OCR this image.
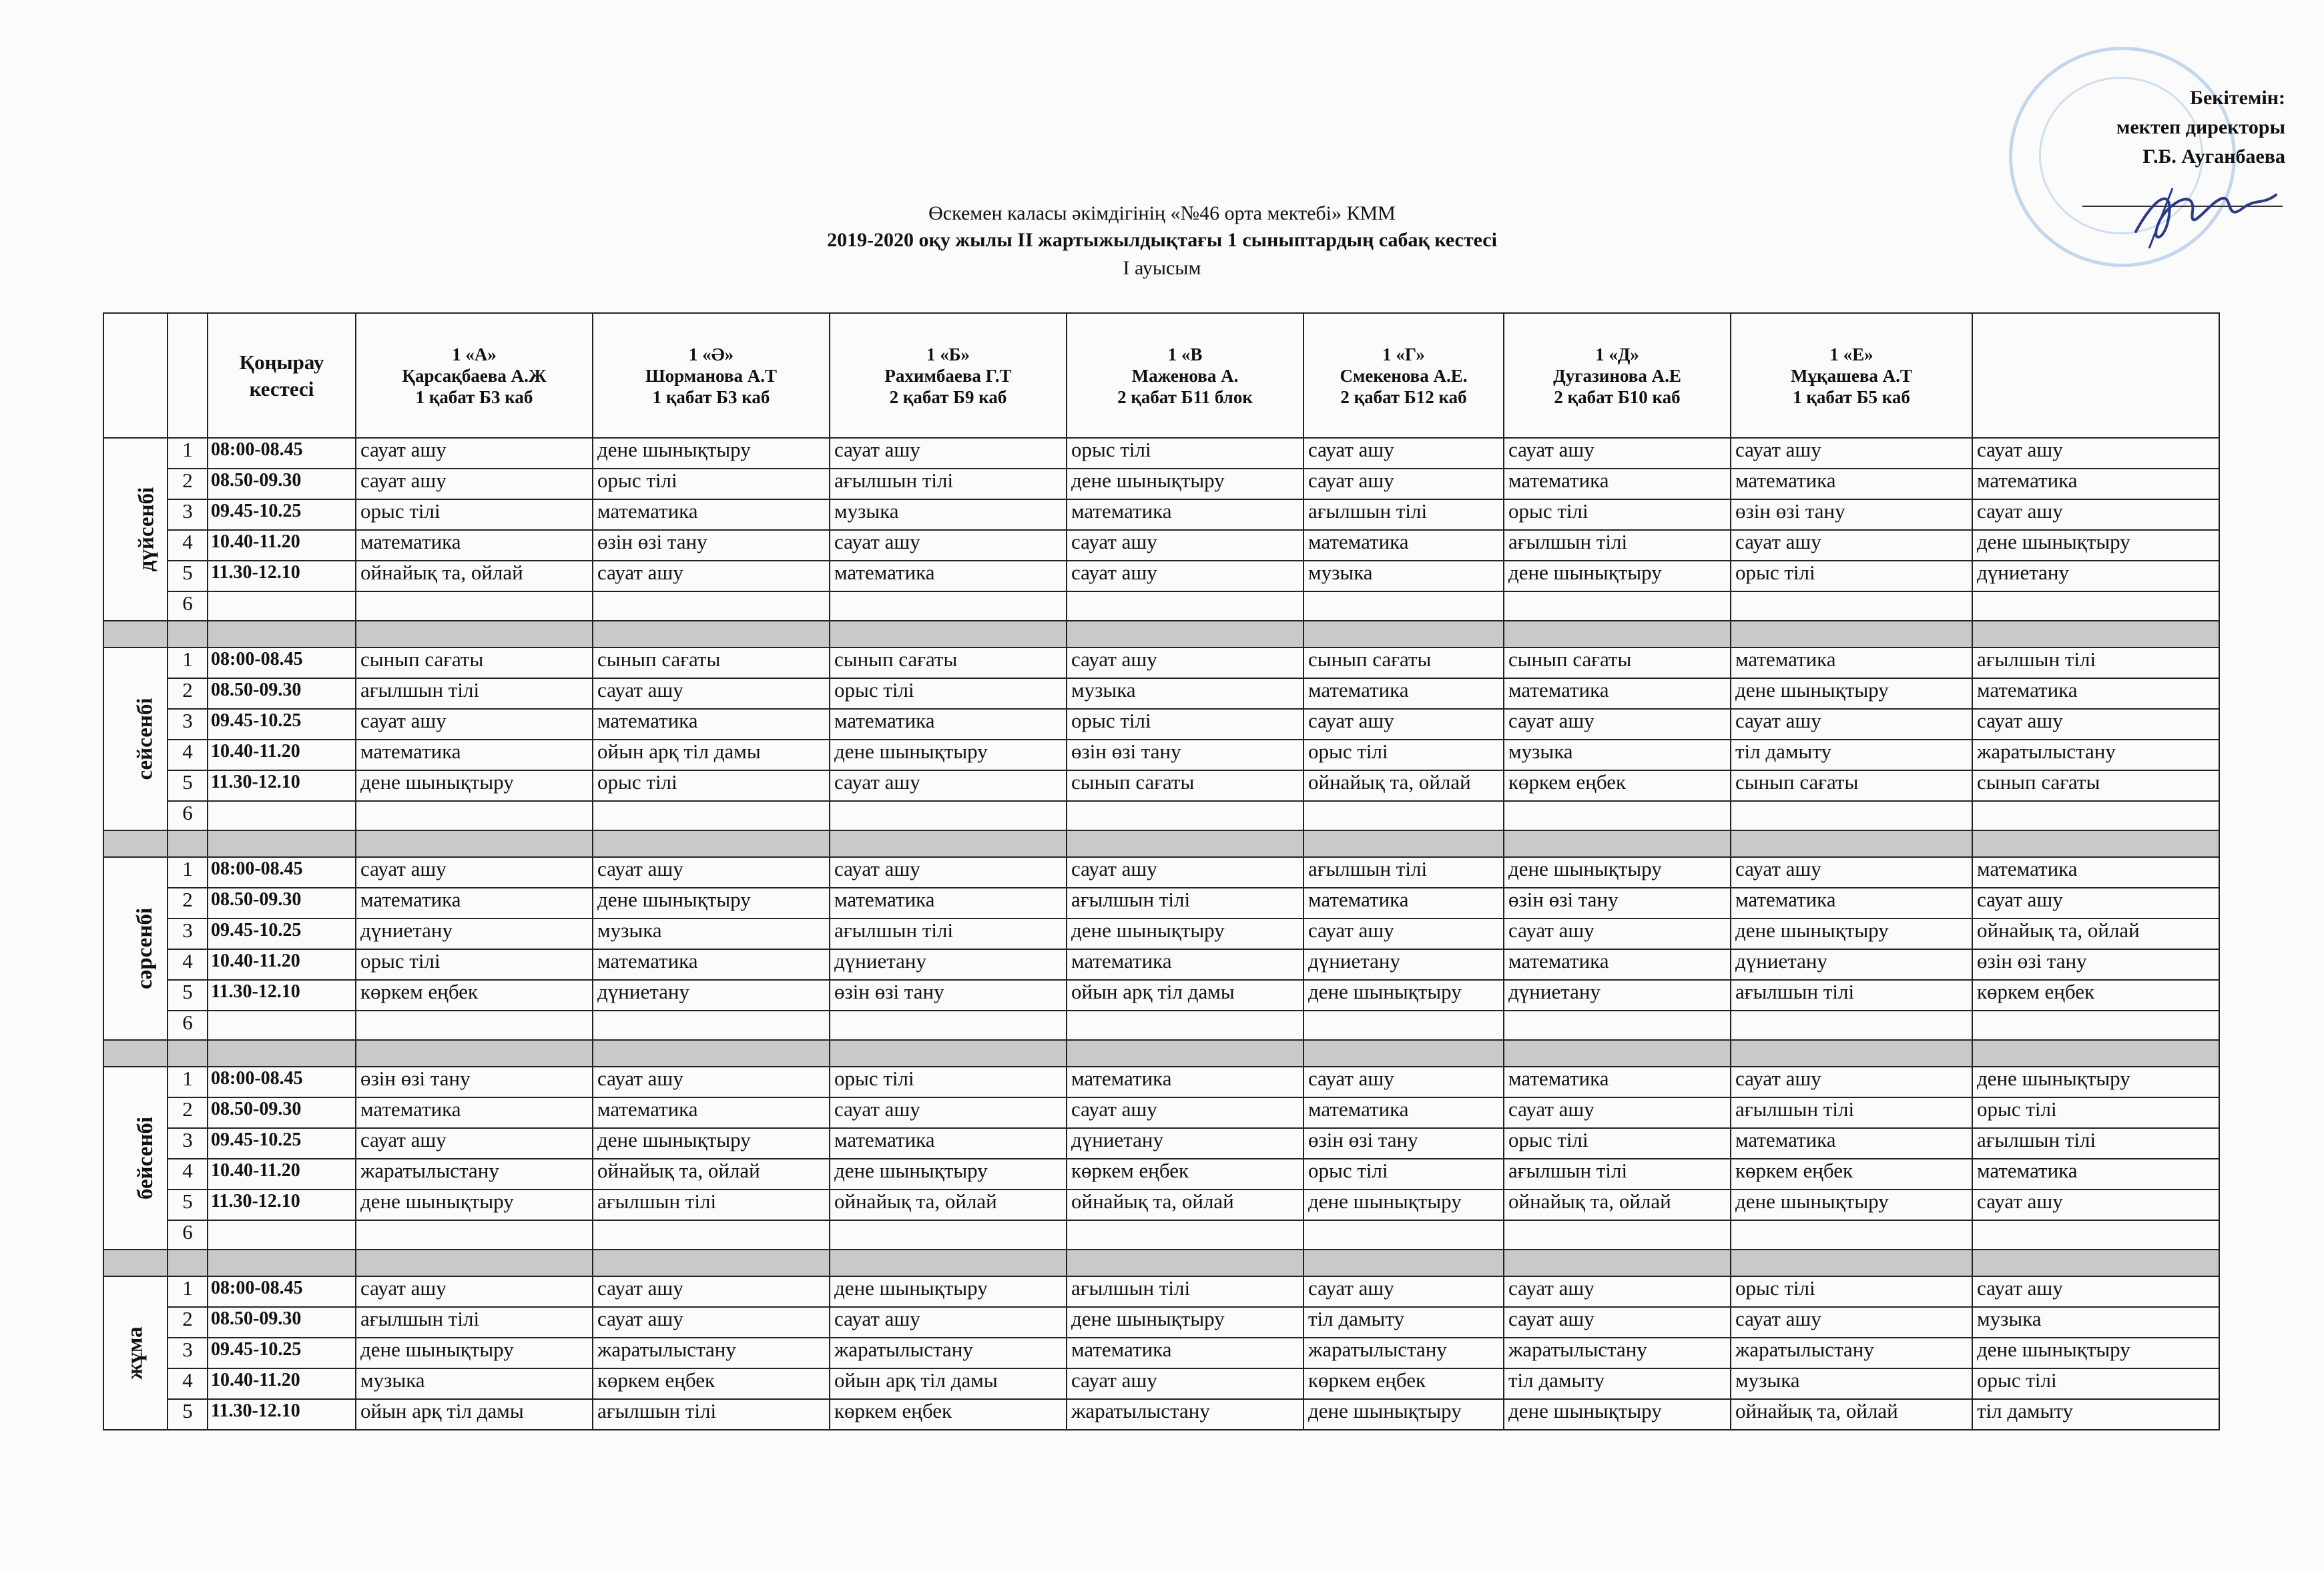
Бекітемін:
мектеп директоры
Г.Б. Ауганбаева
Өскемен каласы әкімдігінің «№46 орта мектебі» КММ
2019-2020 оқу жылы ІІ жартыжылдықтағы 1 сыныптардың сабақ кестесі
І ауысым
		Қоңырау кестесі	1 «А»
Қарсақбаева А.Ж
1 қабат Б3 каб	1 «Ә»
Шорманова А.Т
1 қабат Б3 каб	1 «Б»
Рахимбаева Г.Т
2 қабат Б9 каб	1 «В
Маженова А.
2 қабат Б11 блок	1 «Г»
Смекенова А.Е.
2 қабат Б12 каб	1 «Д»
Дугазинова А.Е
2 қабат Б10 каб	1 «Е»
Мұқашева А.Т
1 қабат Б5 каб	
дүйсенбі	1	08:00-08.45	сауат ашу	дене шынықтыру	сауат ашу	орыс тілі	сауат ашу	сауат ашу	сауат ашу	сауат ашу
	2	08.50-09.30	сауат ашу	орыс тілі	ағылшын тілі	дене шынықтыру	сауат ашу	математика	математика	математика
	3	09.45-10.25	орыс тілі	математика	музыка	математика	ағылшын тілі	орыс тілі	өзін өзі тану	сауат ашу
	4	10.40-11.20	математика	өзін өзі тану	сауат ашу	сауат ашу	математика	ағылшын тілі	сауат ашу	дене шынықтыру
	5	11.30-12.10	ойнайық та, ойлай	сауат ашу	математика	сауат ашу	музыка	дене шынықтыру	орыс тілі	дүниетану
	6									

сейсенбі	1	08:00-08.45	сынып сағаты	сынып сағаты	сынып сағаты	сауат ашу	сынып сағаты	сынып сағаты	математика	ағылшын тілі
	2	08.50-09.30	ағылшын тілі	сауат ашу	орыс тілі	музыка	математика	математика	дене шынықтыру	математика
	3	09.45-10.25	сауат ашу	математика	математика	орыс тілі	сауат ашу	сауат ашу	сауат ашу	сауат ашу
	4	10.40-11.20	математика	ойын арқ тіл дамы	дене шынықтыру	өзін өзі тану	орыс тілі	музыка	тіл дамыту	жаратылыстану
	5	11.30-12.10	дене шынықтыру	орыс тілі	сауат ашу	сынып сағаты	ойнайық та, ойлай	көркем еңбек	сынып сағаты	сынып сағаты
	6									

сәрсенбі	1	08:00-08.45	сауат ашу	сауат ашу	сауат ашу	сауат ашу	ағылшын тілі	дене шынықтыру	сауат ашу	математика
	2	08.50-09.30	математика	дене шынықтыру	математика	ағылшын тілі	математика	өзін өзі тану	математика	сауат ашу
	3	09.45-10.25	дүниетану	музыка	ағылшын тілі	дене шынықтыру	сауат ашу	сауат ашу	дене шынықтыру	ойнайық та, ойлай
	4	10.40-11.20	орыс тілі	математика	дүниетану	математика	дүниетану	математика	дүниетану	өзін өзі тану
	5	11.30-12.10	көркем еңбек	дүниетану	өзін өзі тану	ойын арқ тіл дамы	дене шынықтыру	дүниетану	ағылшын тілі	көркем еңбек
	6									

бейсенбі	1	08:00-08.45	өзін өзі тану	сауат ашу	орыс тілі	математика	сауат ашу	математика	сауат ашу	дене шынықтыру
	2	08.50-09.30	математика	математика	сауат ашу	сауат ашу	математика	сауат ашу	ағылшын тілі	орыс тілі
	3	09.45-10.25	сауат ашу	дене шынықтыру	математика	дүниетану	өзін өзі тану	орыс тілі	математика	ағылшын тілі
	4	10.40-11.20	жаратылыстану	ойнайық та, ойлай	дене шынықтыру	көркем еңбек	орыс тілі	ағылшын тілі	көркем еңбек	математика
	5	11.30-12.10	дене шынықтыру	ағылшын тілі	ойнайық та, ойлай	ойнайық та, ойлай	дене шынықтыру	ойнайық та, ойлай	дене шынықтыру	сауат ашу
	6									

жұма	1	08:00-08.45	сауат ашу	сауат ашу	дене шынықтыру	ағылшын тілі	сауат ашу	сауат ашу	орыс тілі	сауат ашу
	2	08.50-09.30	ағылшын тілі	сауат ашу	сауат ашу	дене шынықтыру	тіл дамыту	сауат ашу	сауат ашу	музыка
	3	09.45-10.25	дене шынықтыру	жаратылыстану	жаратылыстану	математика	жаратылыстану	жаратылыстану	жаратылыстану	дене шынықтыру
	4	10.40-11.20	музыка	көркем еңбек	ойын арқ тіл дамы	сауат ашу	көркем еңбек	тіл дамыту	музыка	орыс тілі
	5	11.30-12.10	ойын арқ тіл дамы	ағылшын тілі	көркем еңбек	жаратылыстану	дене шынықтыру	дене шынықтыру	ойнайық та, ойлай	тіл дамыту
